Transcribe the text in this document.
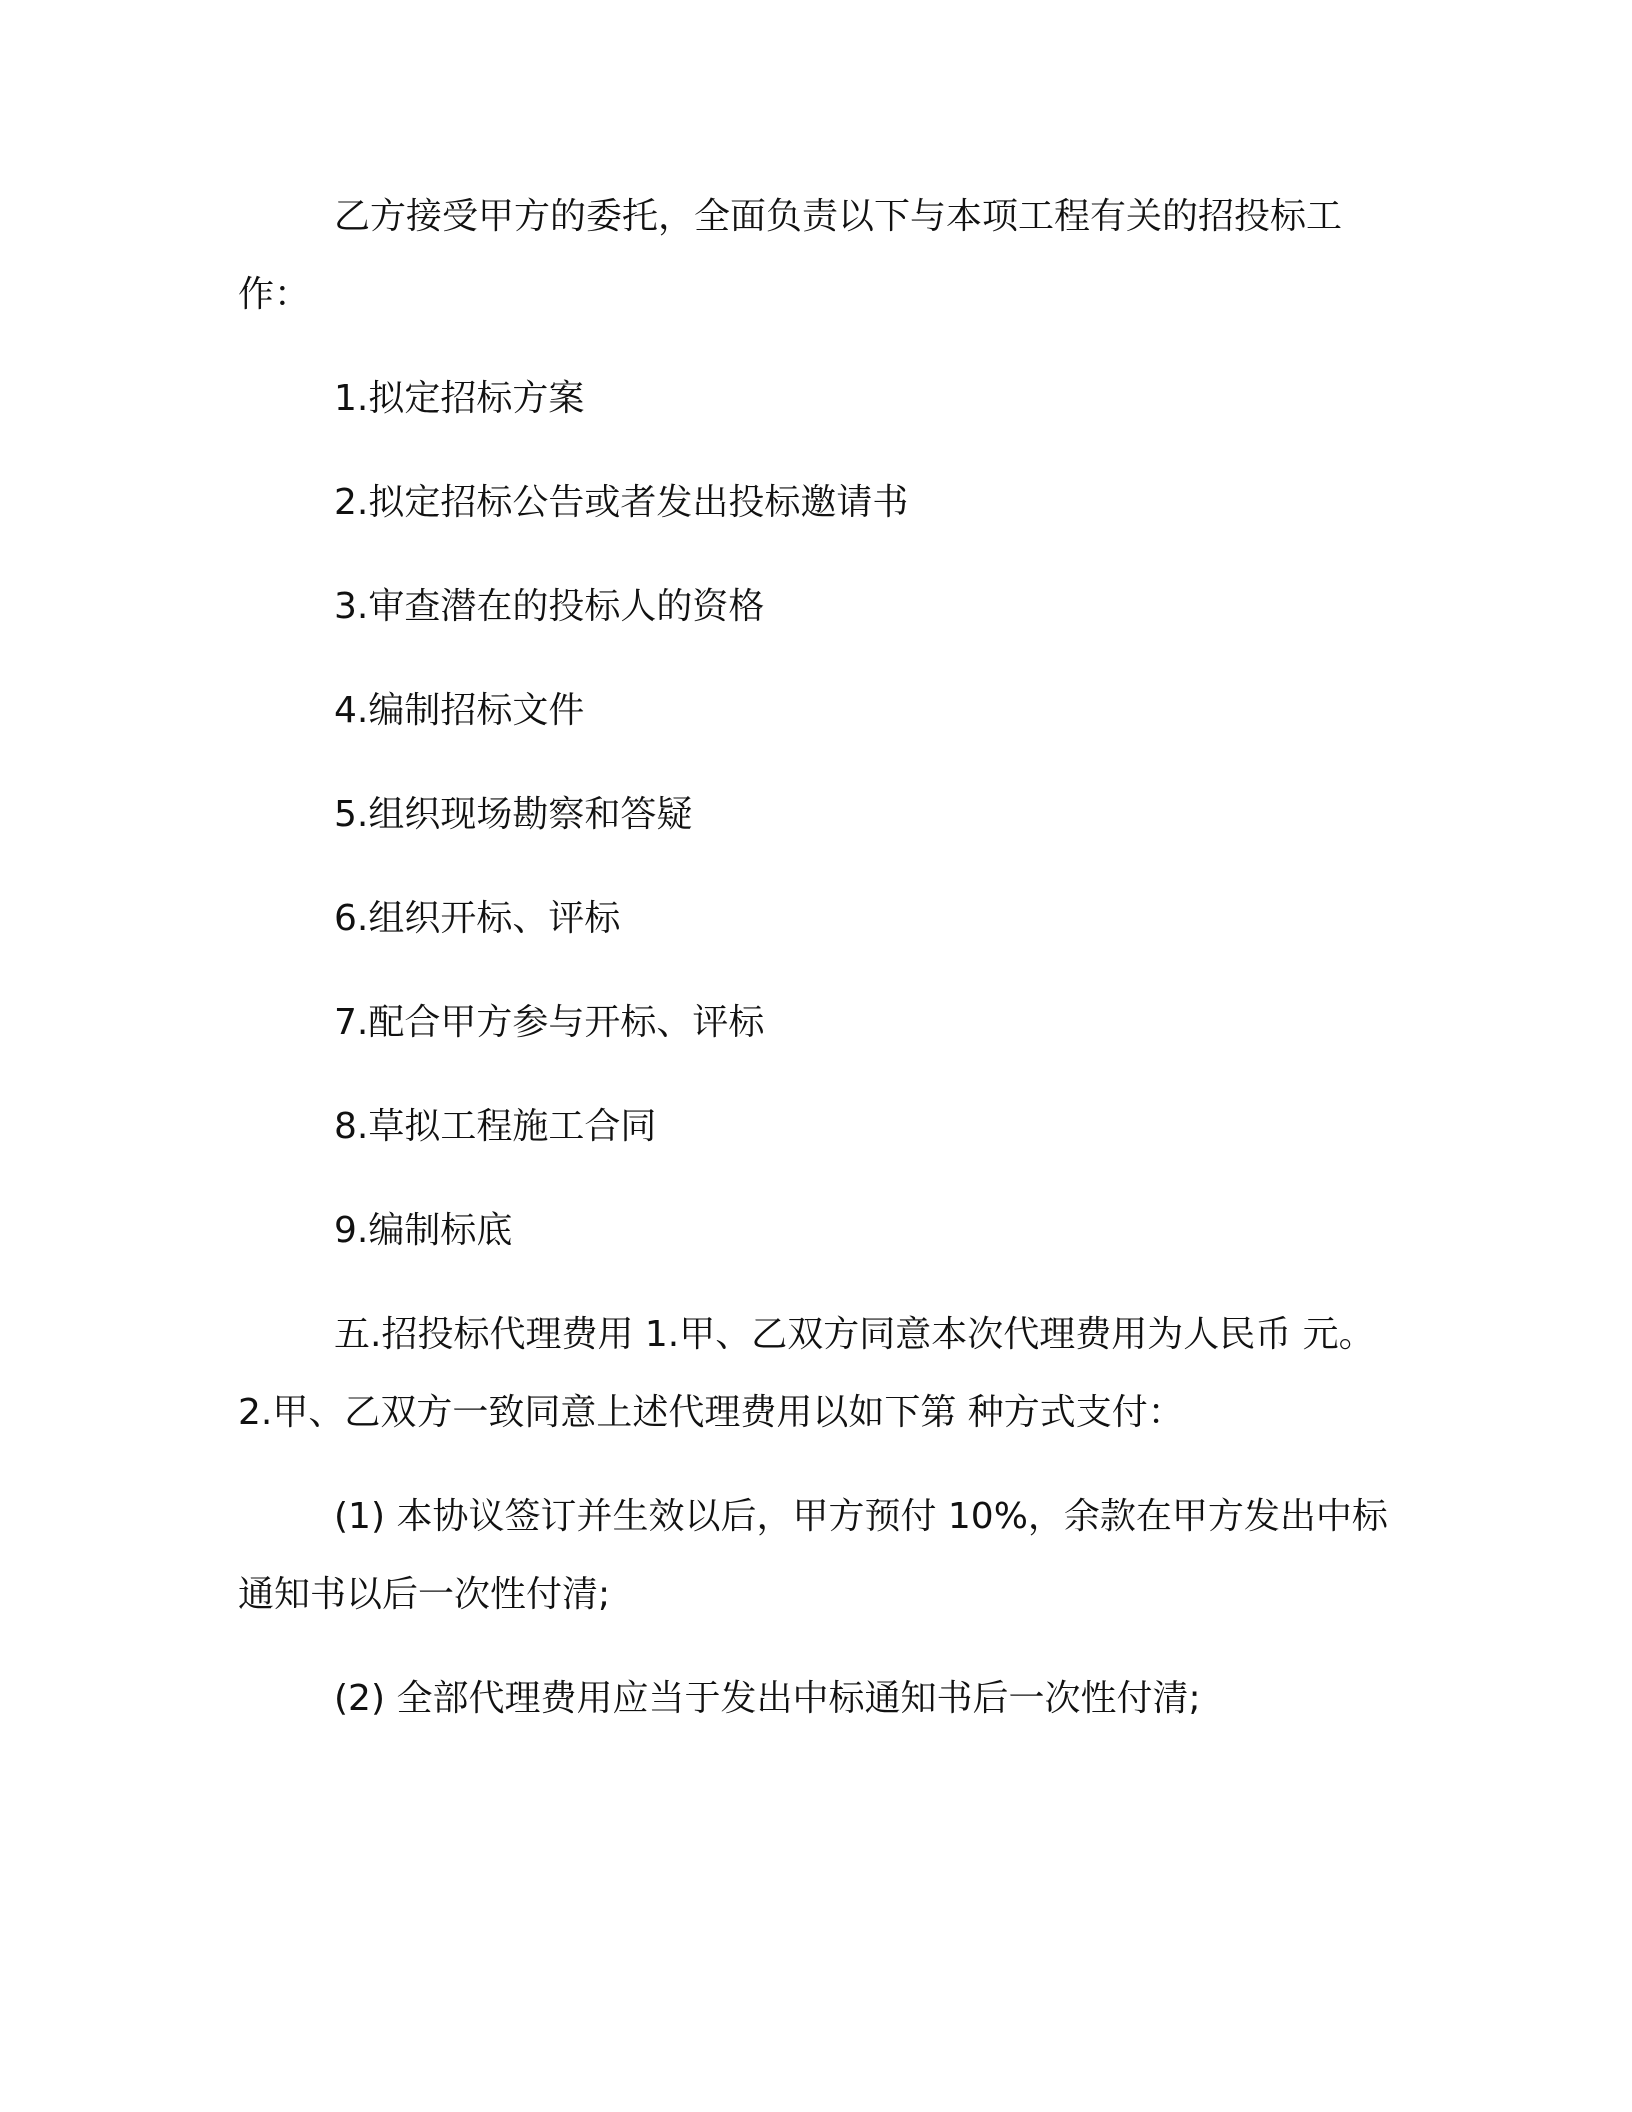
乙方接受甲方的委托，全面负责以下与本项工程有关的招投标工作：

1.拟定招标方案

2.拟定招标公告或者发出投标邀请书

3.审查潜在的投标人的资格

4.编制招标文件

5.组织现场勘察和答疑

6.组织开标、评标

7.配合甲方参与开标、评标

8.草拟工程施工合同

9.编制标底

五.招投标代理费用 1.甲、乙双方同意本次代理费用为人民币 元。2.甲、乙双方一致同意上述代理费用以如下第 种方式支付：

(1) 本协议签订并生效以后，甲方预付 10%，余款在甲方发出中标通知书以后一次性付清;

(2) 全部代理费用应当于发出中标通知书后一次性付清;
